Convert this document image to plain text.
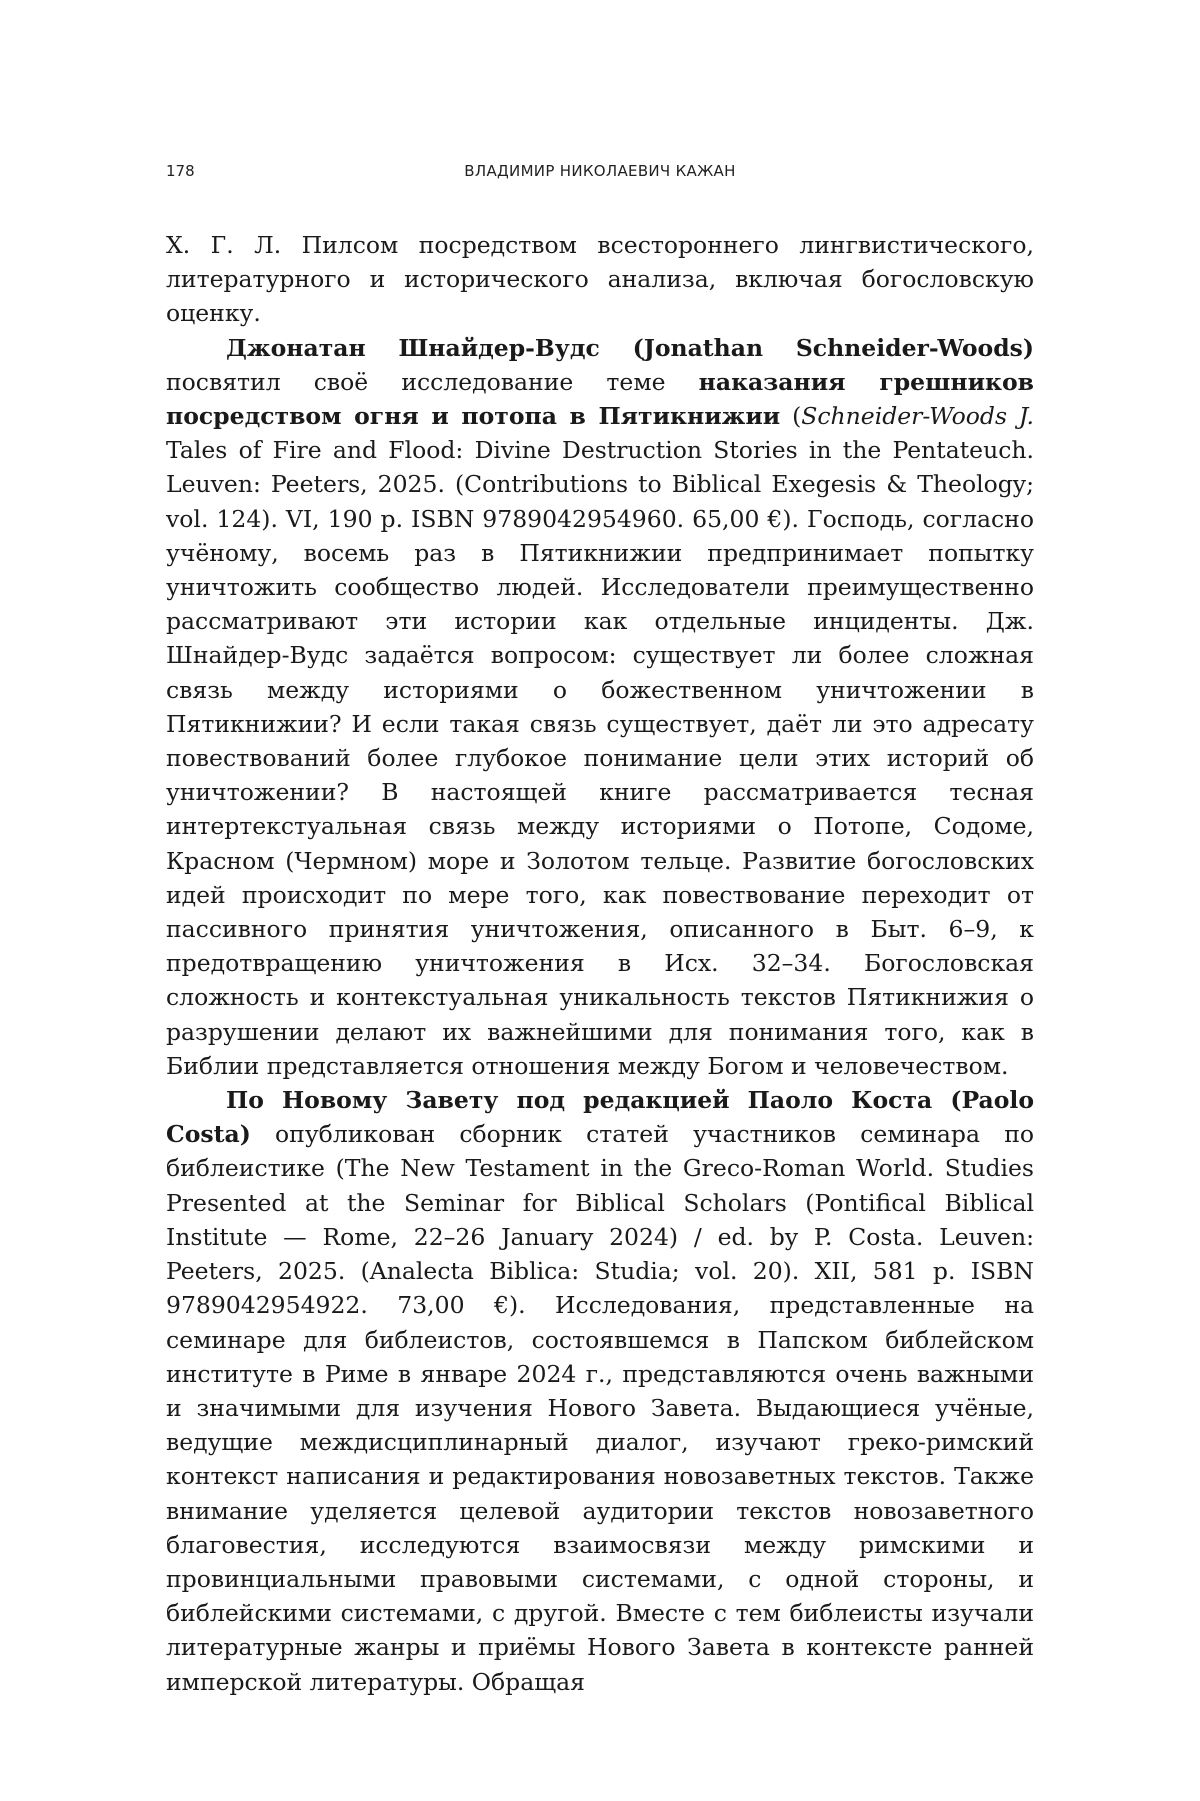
178	ВЛАДИМИР НИКОЛАЕВИЧ КАЖАН

Х. Г. Л. Пилсом посредством всестороннего лингвистического, литературного и исторического анализа, включая богословскую оценку.

Джонатан Шнайдер-Вудс (Jonathan Schneider-Woods) посвятил своё исследование теме наказания грешников посредством огня и потопа в Пятикнижии (Schneider-Woods J. Tales of Fire and Flood: Divine Destruction Stories in the Pentateuch. Leuven: Peeters, 2025. (Contributions to Biblical Exegesis & Theology; vol. 124). VI, 190 p. ISBN 9789042954960. 65,00 €). Господь, согласно учёному, восемь раз в Пятикнижии предпринимает попытку уничтожить сообщество людей. Исследователи преимущественно рассматривают эти истории как отдельные инциденты. Дж. Шнайдер-Вудс задаётся вопросом: существует ли более сложная связь между историями о божественном уничтожении в Пятикнижии? И если такая связь существует, даёт ли это адресату повествований более глубокое понимание цели этих историй об уничтожении? В настоящей книге рассматривается тесная интертекстуальная связь между историями о Потопе, Содоме, Красном (Чермном) море и Золотом тельце. Развитие богословских идей происходит по мере того, как повествование переходит от пассивного принятия уничтожения, описанного в Быт. 6–9, к предотвращению уничтожения в Исх. 32–34. Богословская сложность и контекстуальная уникальность текстов Пятикнижия о разрушении делают их важнейшими для понимания того, как в Библии представляется отношения между Богом и человечеством.

По Новому Завету под редакцией Паоло Коста (Paolo Costa) опубликован сборник статей участников семинара по библеистике (The New Testament in the Greco-Roman World. Studies Presented at the Seminar for Biblical Scholars (Pontifical Biblical Institute — Rome, 22–26 January 2024) / ed. by P. Costa. Leuven: Peeters, 2025. (Analecta Biblica: Studia; vol. 20). XII, 581 p. ISBN 9789042954922. 73,00 €). Исследования, представленные на семинаре для библеистов, состоявшемся в Папском библейском институте в Риме в январе 2024 г., представляются очень важными и значимыми для изучения Нового Завета. Выдающиеся учёные, ведущие междисциплинарный диалог, изучают греко-римский контекст написания и редактирования новозаветных текстов. Также внимание уделяется целевой аудитории текстов новозаветного благовестия, исследуются взаимосвязи между римскими и провинциальными правовыми системами, с одной стороны, и библейскими системами, с другой. Вместе с тем библеисты изучали литературные жанры и приёмы Нового Завета в контексте ранней имперской литературы. Обращая
